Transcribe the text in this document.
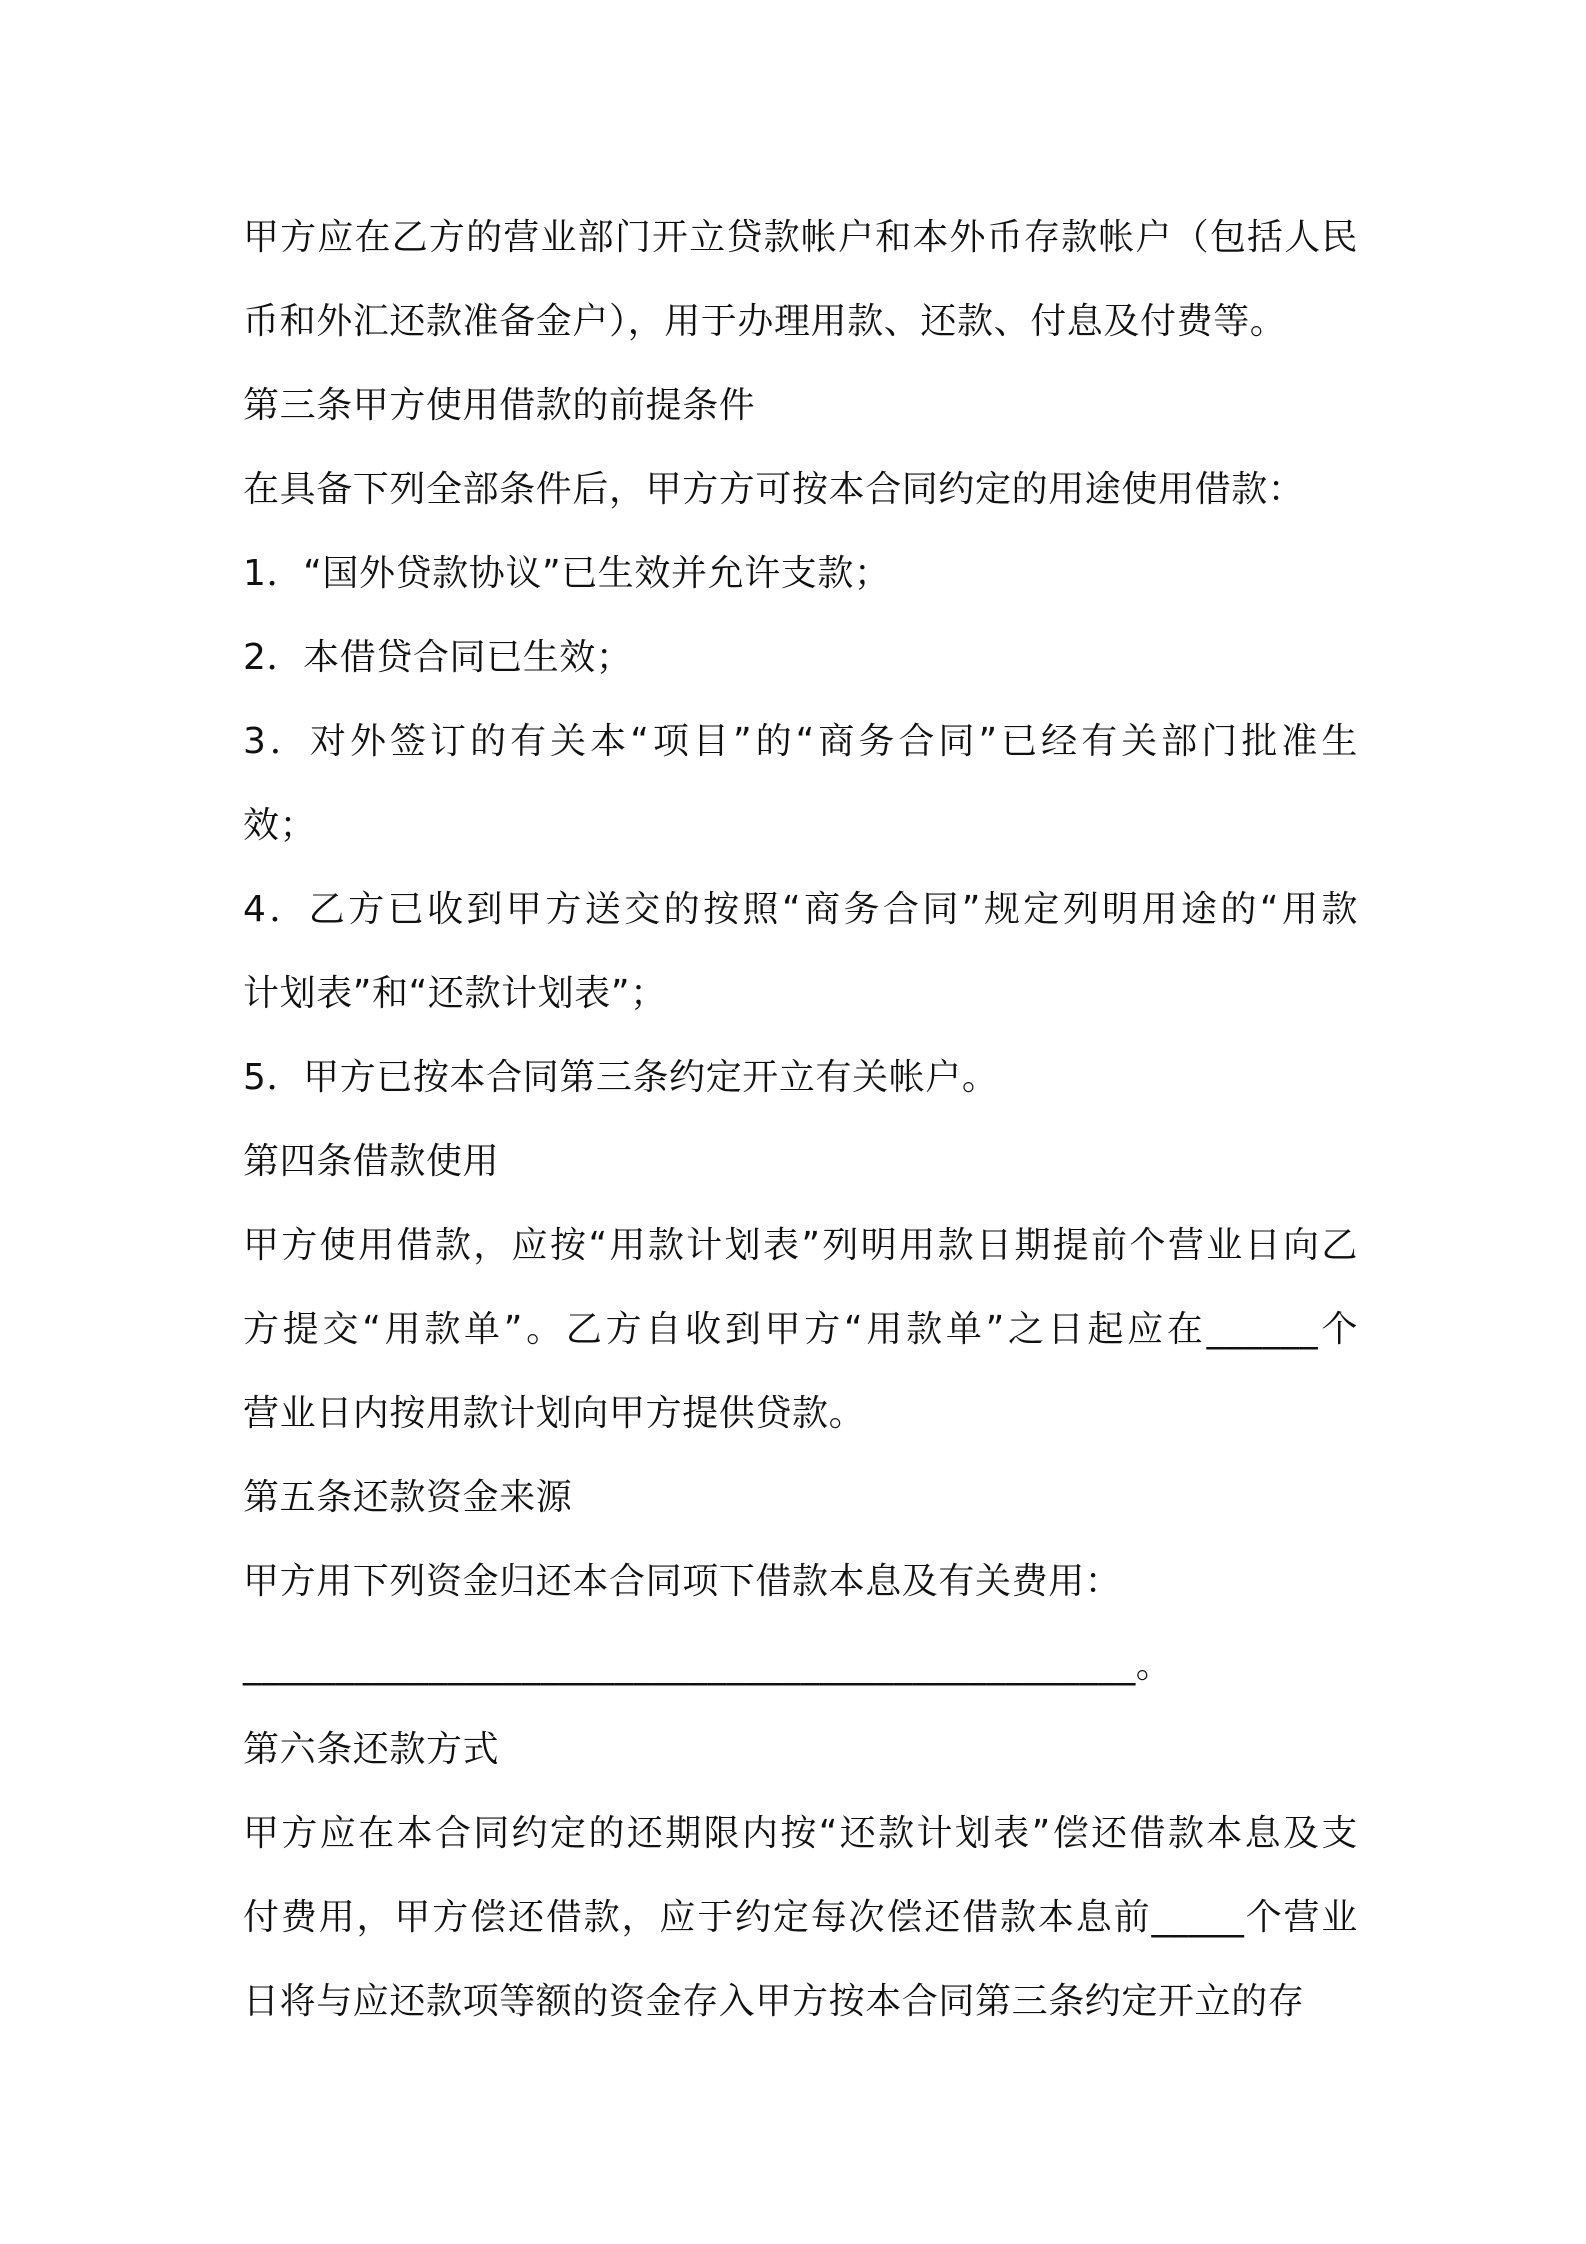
甲方应在乙方的营业部门开立贷款帐户和本外币存款帐户（包括人民
币和外汇还款准备金户），用于办理用款、还款、付息及付费等。
第三条甲方使用借款的前提条件
在具备下列全部条件后，甲方方可按本合同约定的用途使用借款：
1．“国外贷款协议”已生效并允许支款；
2．本借贷合同已生效；
3．对外签订的有关本“项目”的“商务合同”已经有关部门批准生
效；
4．乙方已收到甲方送交的按照“商务合同”规定列明用途的“用款
计划表”和“还款计划表”；
5．甲方已按本合同第三条约定开立有关帐户。
第四条借款使用
甲方使用借款，应按“用款计划表”列明用款日期提前个营业日向乙
方提交“用款单”。乙方自收到甲方“用款单”之日起应在______个
营业日内按用款计划向甲方提供贷款。
第五条还款资金来源
甲方用下列资金归还本合同项下借款本息及有关费用：
________________________________________________。
第六条还款方式
甲方应在本合同约定的还期限内按“还款计划表”偿还借款本息及支
付费用，甲方偿还借款，应于约定每次偿还借款本息前_____个营业
日将与应还款项等额的资金存入甲方按本合同第三条约定开立的存
